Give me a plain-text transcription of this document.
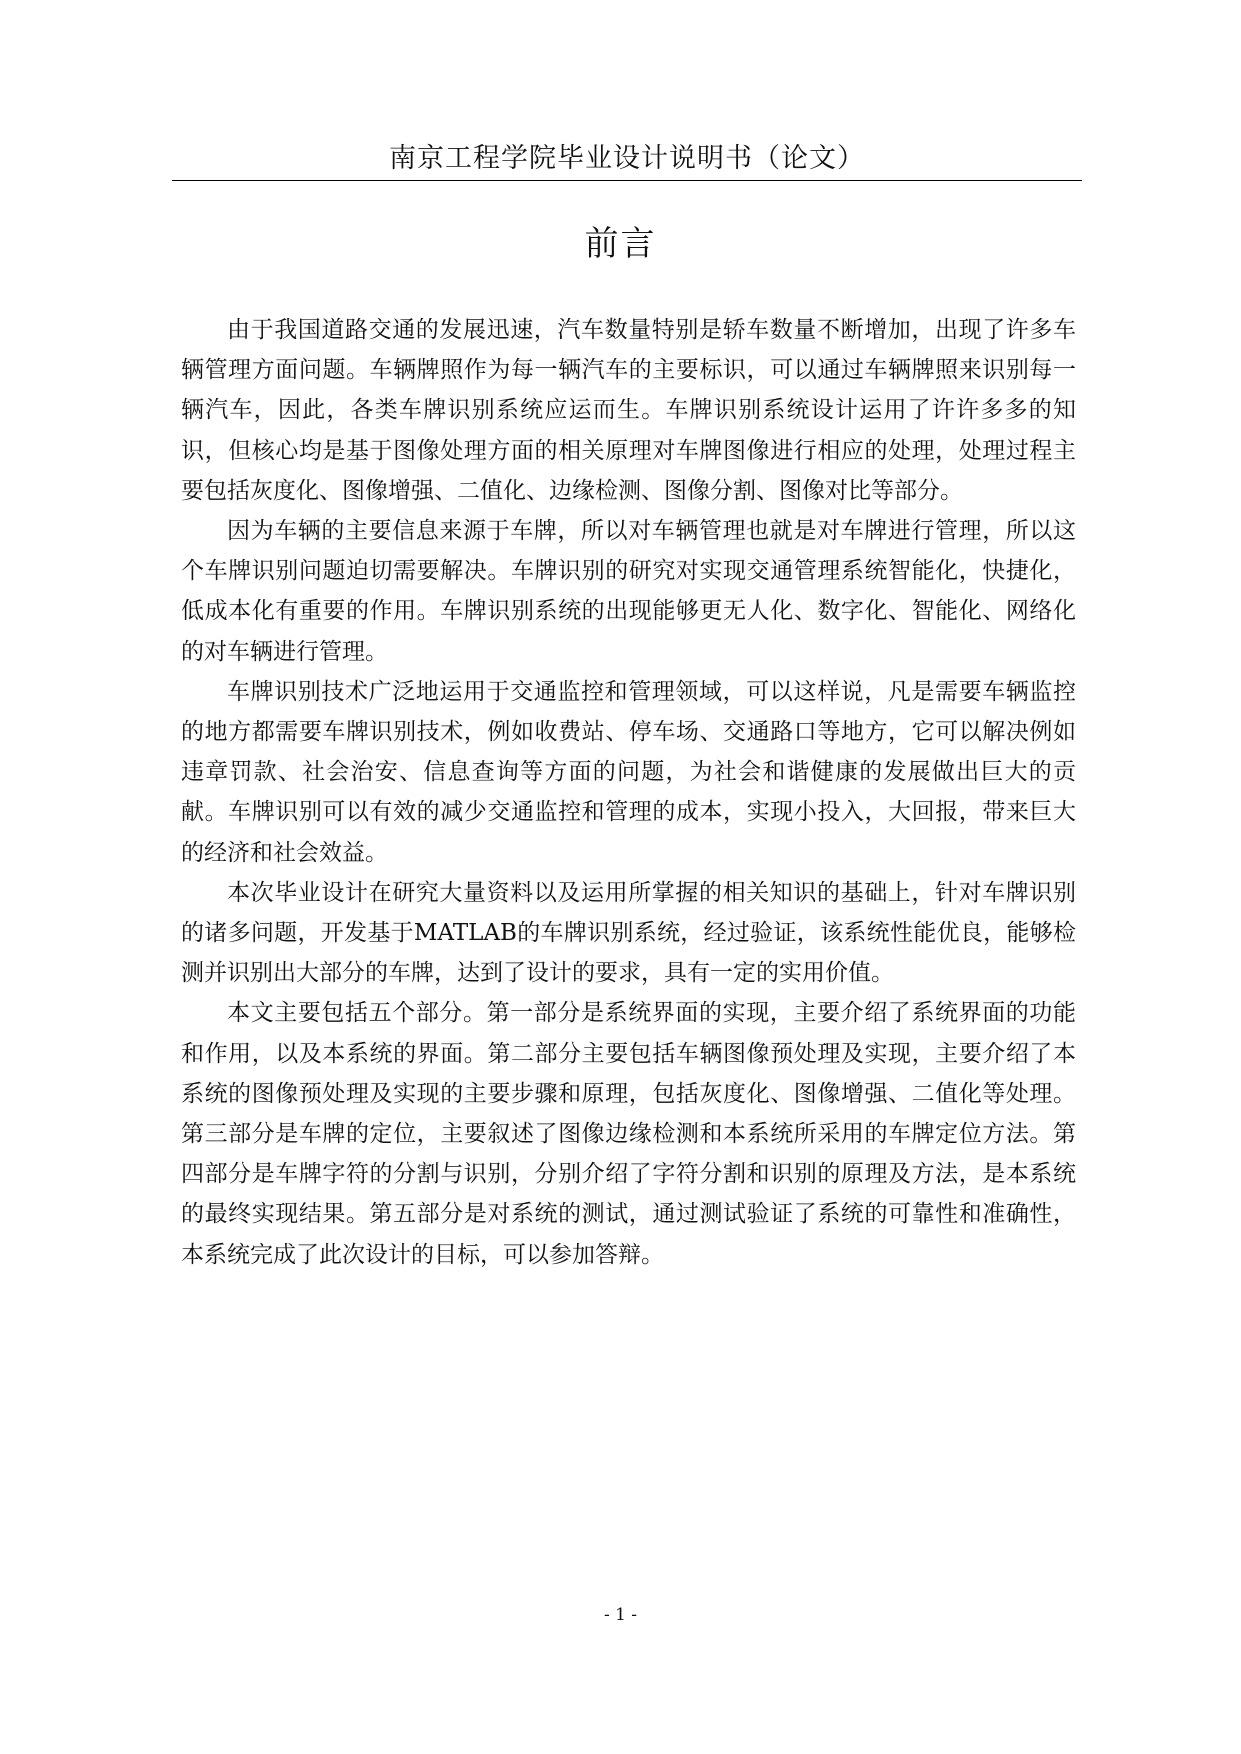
南京工程学院毕业设计说明书（论文）
前言

由于我国道路交通的发展迅速，汽车数量特别是轿车数量不断增加，出现了许多车辆管理方面问题。车辆牌照作为每一辆汽车的主要标识，可以通过车辆牌照来识别每一辆汽车，因此，各类车牌识别系统应运而生。车牌识别系统设计运用了许许多多的知识，但核心均是基于图像处理方面的相关原理对车牌图像进行相应的处理，处理过程主要包括灰度化、图像增强、二值化、边缘检测、图像分割、图像对比等部分。

因为车辆的主要信息来源于车牌，所以对车辆管理也就是对车牌进行管理，所以这个车牌识别问题迫切需要解决。车牌识别的研究对实现交通管理系统智能化，快捷化，低成本化有重要的作用。车牌识别系统的出现能够更无人化、数字化、智能化、网络化的对车辆进行管理。

车牌识别技术广泛地运用于交通监控和管理领域，可以这样说，凡是需要车辆监控的地方都需要车牌识别技术，例如收费站、停车场、交通路口等地方，它可以解决例如违章罚款、社会治安、信息查询等方面的问题，为社会和谐健康的发展做出巨大的贡献。车牌识别可以有效的减少交通监控和管理的成本，实现小投入，大回报，带来巨大的经济和社会效益。

本次毕业设计在研究大量资料以及运用所掌握的相关知识的基础上，针对车牌识别的诸多问题，开发基于MATLAB的车牌识别系统，经过验证，该系统性能优良，能够检测并识别出大部分的车牌，达到了设计的要求，具有一定的实用价值。

本文主要包括五个部分。第一部分是系统界面的实现，主要介绍了系统界面的功能和作用，以及本系统的界面。第二部分主要包括车辆图像预处理及实现，主要介绍了本系统的图像预处理及实现的主要步骤和原理，包括灰度化、图像增强、二值化等处理。第三部分是车牌的定位，主要叙述了图像边缘检测和本系统所采用的车牌定位方法。第四部分是车牌字符的分割与识别，分别介绍了字符分割和识别的原理及方法，是本系统的最终实现结果。第五部分是对系统的测试，通过测试验证了系统的可靠性和准确性，本系统完成了此次设计的目标，可以参加答辩。

- 1 -
